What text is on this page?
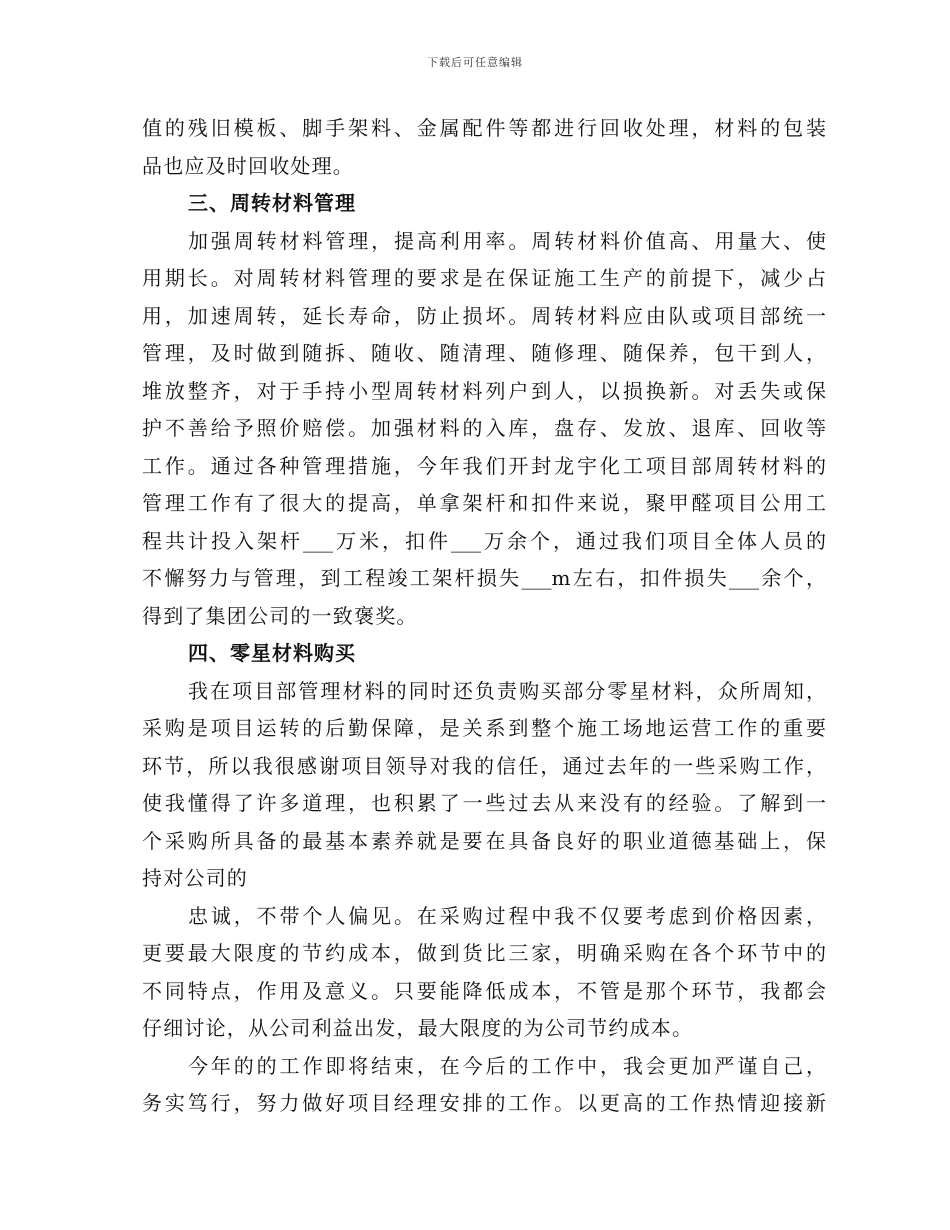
下载后可任意编辑
值的残旧模板、脚手架料、金属配件等都进行回收处理，材料的包装
品也应及时回收处理。
三、周转材料管理
加强周转材料管理，提高利用率。周转材料价值高、用量大、使
用期长。对周转材料管理的要求是在保证施工生产的前提下，减少占
用，加速周转，延长寿命，防止损坏。周转材料应由队或项目部统一
管理，及时做到随拆、随收、随清理、随修理、随保养，包干到人，
堆放整齐，对于手持小型周转材料列户到人，以损换新。对丢失或保
护不善给予照价赔偿。加强材料的入库，盘存、发放、退库、回收等
工作。通过各种管理措施，今年我们开封龙宇化工项目部周转材料的
管理工作有了很大的提高，单拿架杆和扣件来说，聚甲醛项目公用工
程共计投入架杆___万米，扣件___万余个，通过我们项目全体人员的
不懈努力与管理，到工程竣工架杆损失___m左右，扣件损失___余个，
得到了集团公司的一致褒奖。
四、零星材料购买
我在项目部管理材料的同时还负责购买部分零星材料，众所周知，
采购是项目运转的后勤保障，是关系到整个施工场地运营工作的重要
环节，所以我很感谢项目领导对我的信任，通过去年的一些采购工作，
使我懂得了许多道理，也积累了一些过去从来没有的经验。了解到一
个采购所具备的最基本素养就是要在具备良好的职业道德基础上，保
持对公司的
忠诚，不带个人偏见。在采购过程中我不仅要考虑到价格因素，
更要最大限度的节约成本，做到货比三家，明确采购在各个环节中的
不同特点，作用及意义。只要能降低成本，不管是那个环节，我都会
仔细讨论，从公司利益出发，最大限度的为公司节约成本。
今年的的工作即将结束，在今后的工作中，我会更加严谨自己，
务实笃行，努力做好项目经理安排的工作。以更高的工作热情迎接新
